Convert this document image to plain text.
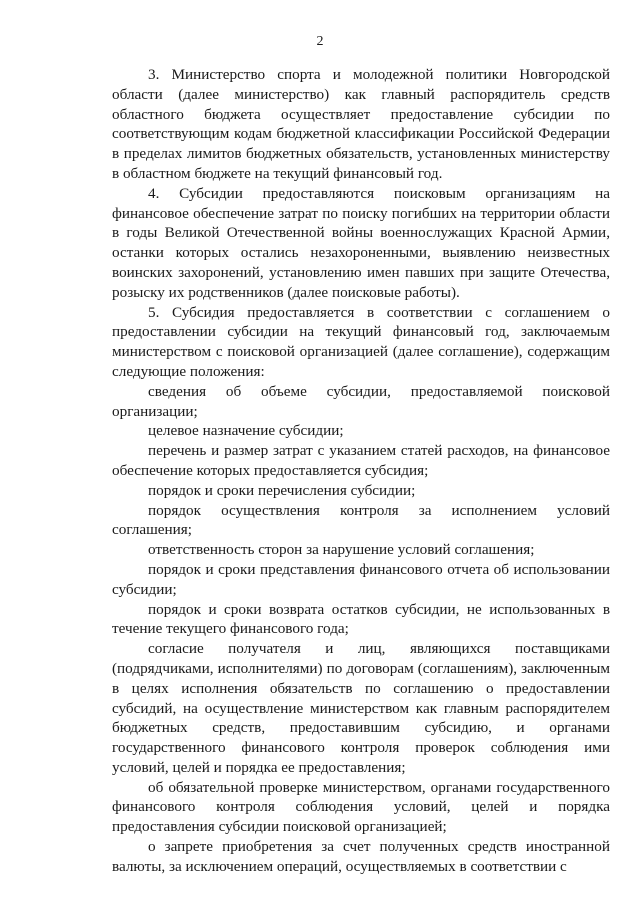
2

3. Министерство спорта и молодежной политики Новгородской области (далее министерство) как главный распорядитель средств областного бюджета осуществляет предоставление субсидии по соответствующим кодам бюджетной классификации Российской Федерации в пределах лимитов бюджетных обязательств, установленных министерству в областном бюджете на текущий финансовый год.

4. Субсидии предоставляются поисковым организациям на финансовое обеспечение затрат по поиску погибших на территории области в годы Великой Отечественной войны военнослужащих Красной Армии, останки которых остались незахороненными, выявлению неизвестных воинских захоронений, установлению имен павших при защите Отечества, розыску их родственников (далее поисковые работы).

5. Субсидия предоставляется в соответствии с соглашением о предоставлении субсидии на текущий финансовый год, заключаемым министерством с поисковой организацией (далее соглашение), содержащим следующие положения:

сведения об объеме субсидии, предоставляемой поисковой организации;

целевое назначение субсидии;

перечень и размер затрат с указанием статей расходов, на финансовое обеспечение которых предоставляется субсидия;

порядок и сроки перечисления субсидии;

порядок осуществления контроля за исполнением условий соглашения;

ответственность сторон за нарушение условий соглашения;

порядок и сроки представления финансового отчета об использовании субсидии;

порядок и сроки возврата остатков субсидии, не использованных в течение текущего финансового года;

согласие получателя и лиц, являющихся поставщиками (подрядчиками, исполнителями) по договорам (соглашениям), заключенным в целях исполнения обязательств по соглашению о предоставлении субсидий, на осуществление министерством как главным распорядителем бюджетных средств, предоставившим субсидию, и органами государственного финансового контроля проверок соблюдения ими условий, целей и порядка ее предоставления;

об обязательной проверке министерством, органами государственного финансового контроля соблюдения условий, целей и порядка предоставления субсидии поисковой организацией;

о запрете приобретения за счет полученных средств иностранной валюты, за исключением операций, осуществляемых в соответствии с
